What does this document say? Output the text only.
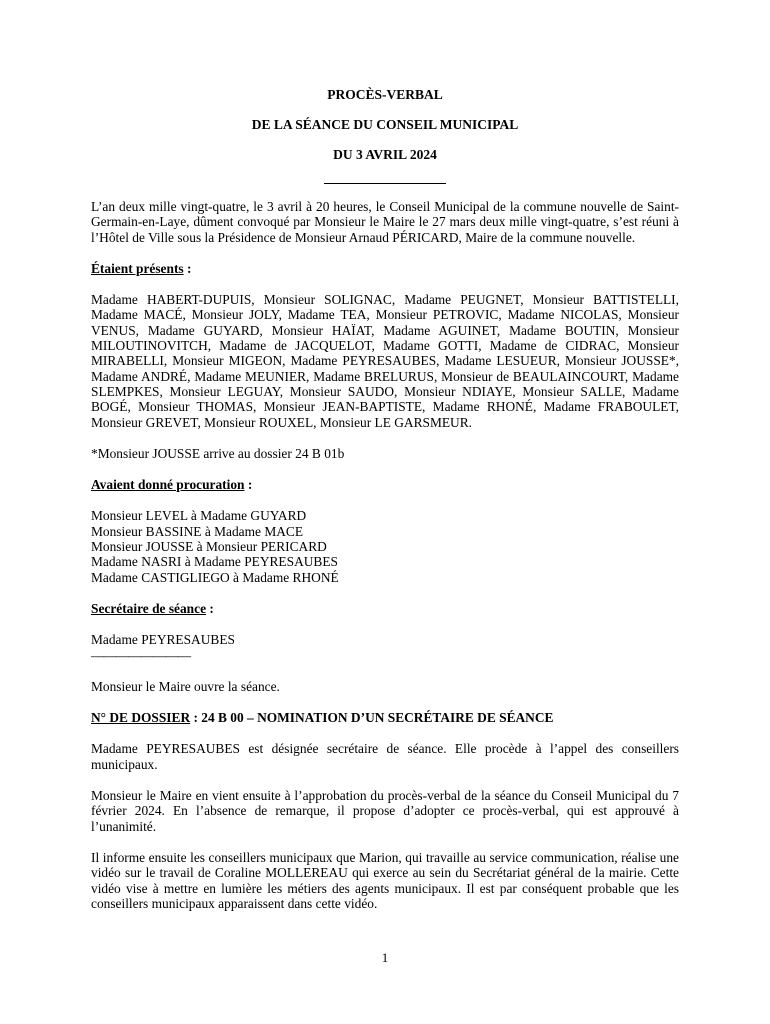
PROCÈS-VERBAL
DE LA SÉANCE DU CONSEIL MUNICIPAL
DU 3 AVRIL 2024

L’an deux mille vingt-quatre, le 3 avril à 20 heures, le Conseil Municipal de la commune nouvelle de Saint-Germain-en-Laye, dûment convoqué par Monsieur le Maire le 27 mars deux mille vingt-quatre, s’est réuni à l’Hôtel de Ville sous la Présidence de Monsieur Arnaud PÉRICARD, Maire de la commune nouvelle.

Étaient présents :

Madame HABERT-DUPUIS, Monsieur SOLIGNAC, Madame PEUGNET, Monsieur BATTISTELLI, Madame MACÉ, Monsieur JOLY, Madame TEA, Monsieur PETROVIC, Madame NICOLAS, Monsieur VENUS, Madame GUYARD, Monsieur HAÏAT, Madame AGUINET, Madame BOUTIN, Monsieur MILOUTINOVITCH, Madame de JACQUELOT, Madame GOTTI, Madame de CIDRAC, Monsieur MIRABELLI, Monsieur MIGEON, Madame PEYRESAUBES, Madame LESUEUR, Monsieur JOUSSE*, Madame ANDRÉ, Madame MEUNIER, Madame BRELURUS, Monsieur de BEAULAINCOURT, Madame SLEMPKES, Monsieur LEGUAY, Monsieur SAUDO, Monsieur NDIAYE, Monsieur SALLE, Madame BOGÉ, Monsieur THOMAS, Monsieur JEAN-BAPTISTE, Madame RHONÉ, Madame FRABOULET, Monsieur GREVET, Monsieur ROUXEL, Monsieur LE GARSMEUR.

*Monsieur JOUSSE arrive au dossier 24 B 01b

Avaient donné procuration :

Monsieur LEVEL à Madame GUYARD
Monsieur BASSINE à Madame MACE
Monsieur JOUSSE à Monsieur PERICARD
Madame NASRI à Madame PEYRESAUBES
Madame CASTIGLIEGO à Madame RHONÉ

Secrétaire de séance :

Madame PEYRESAUBES
————————

Monsieur le Maire ouvre la séance.

N° DE DOSSIER : 24 B 00 – NOMINATION D’UN SECRÉTAIRE DE SÉANCE

Madame PEYRESAUBES est désignée secrétaire de séance. Elle procède à l’appel des conseillers municipaux.

Monsieur le Maire en vient ensuite à l’approbation du procès-verbal de la séance du Conseil Municipal du 7 février 2024. En l’absence de remarque, il propose d’adopter ce procès-verbal, qui est approuvé à l’unanimité.

Il informe ensuite les conseillers municipaux que Marion, qui travaille au service communication, réalise une vidéo sur le travail de Coraline MOLLEREAU qui exerce au sein du Secrétariat général de la mairie. Cette vidéo vise à mettre en lumière les métiers des agents municipaux. Il est par conséquent probable que les conseillers municipaux apparaissent dans cette vidéo.

1
